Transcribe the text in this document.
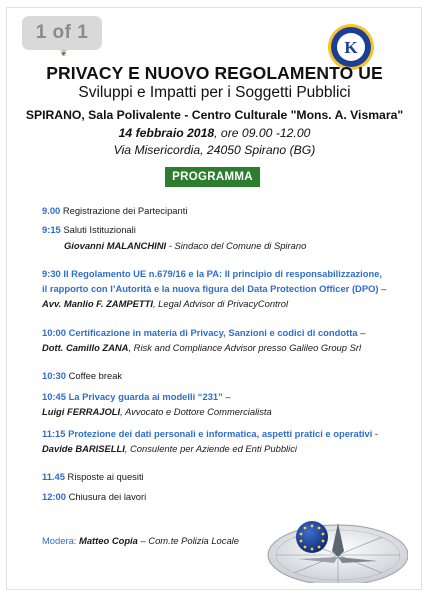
1 of 1
❦	K
PRIVACY E NUOVO REGOLAMENTO UE
Sviluppi e Impatti per i Soggetti Pubblici
SPIRANO, Sala Polivalente - Centro Culturale "Mons. A. Vismara"
14 febbraio 2018, ore 09.00 -12.00
Via Misericordia, 24050 Spirano (BG)
PROGRAMMA
9.00 Registrazione dei Partecipanti
9:15 Saluti Istituzionali
Giovanni MALANCHINI - Sindaco del Comune di Spirano
9:30 Il Regolamento UE n.679/16 e la PA: Il principio di responsabilizzazione,
il rapporto con l’Autorità e la nuova figura del Data Protection Officer (DPO) –
Avv. Manlio F. ZAMPETTI, Legal Advisor di PrivacyControl
10:00 Certificazione in materia di Privacy, Sanzioni e codici di condotta –
Dott. Camillo ZANA, Risk and Compliance Advisor presso Galileo Group Srl
10:30 Coffee break
10:45 La Privacy guarda ai modelli “231” –
Luigi FERRAJOLI, Avvocato e Dottore Commercialista
11:15 Protezione dei dati personali e informatica, aspetti pratici e operativi -
Davide BARISELLI, Consulente per Aziende ed Enti Pubblici
11.45 Risposte ai quesiti
12:00 Chiusura dei lavori
Modera: Matteo Copia – Com.te Polizia Locale
